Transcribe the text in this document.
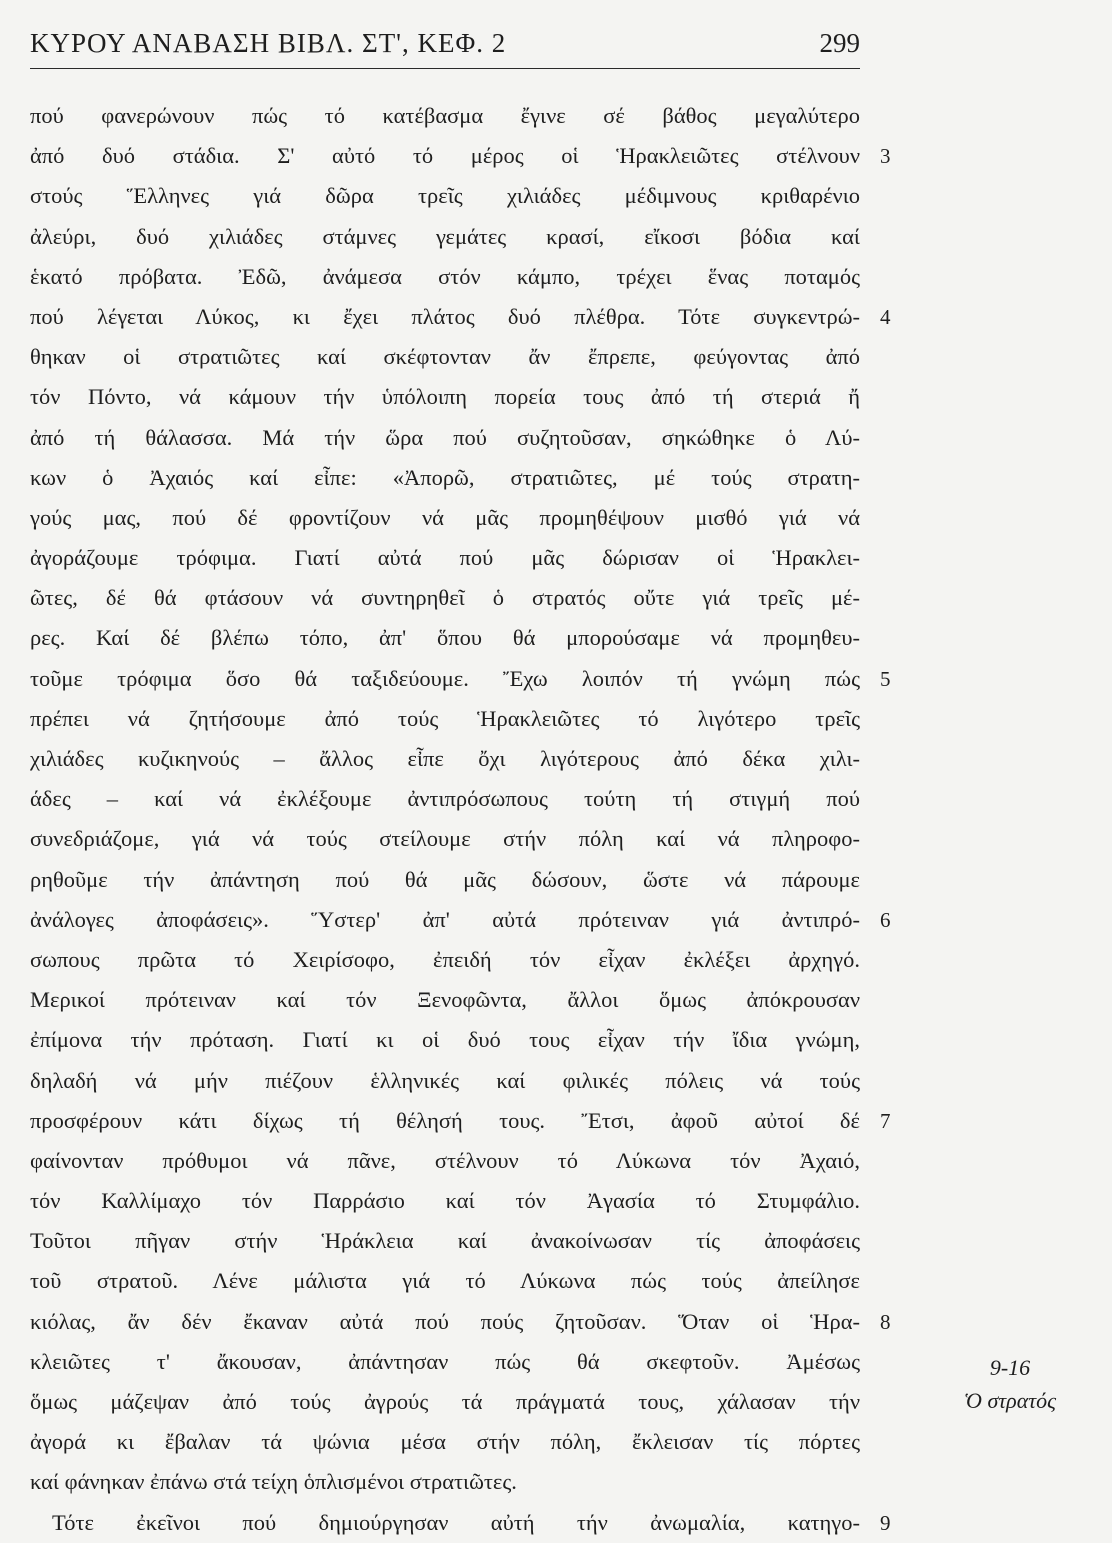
ΚΥΡΟΥ ΑΝΑΒΑΣΗ ΒΙΒΛ. ΣΤ', ΚΕΦ. 2	299
πού φανερώνουν πώς τό κατέβασμα ἔγινε σέ βάθος μεγαλύτερο
ἀπό δυό στάδια. Σ' αὐτό τό μέρος οἱ Ἡρακλειῶτες στέλνουν
στούς Ἕλληνες γιά δῶρα τρεῖς χιλιάδες μέδιμνους κριθαρένιο
ἀλεύρι, δυό χιλιάδες στάμνες γεμάτες κρασί, εἴκοσι βόδια καί
ἑκατό πρόβατα. Ἐδῶ, ἀνάμεσα στόν κάμπο, τρέχει ἕνας ποταμός
πού λέγεται Λύκος, κι ἔχει πλάτος δυό πλέθρα. Τότε συγκεντρώ-
θηκαν οἱ στρατιῶτες καί σκέφτονταν ἄν ἔπρεπε, φεύγοντας ἀπό
τόν Πόντο, νά κάμουν τήν ὑπόλοιπη πορεία τους ἀπό τή στεριά ἤ
ἀπό τή θάλασσα. Μά τήν ὥρα πού συζητοῦσαν, σηκώθηκε ὁ Λύ-
κων ὁ Ἀχαιός καί εἶπε: «Ἀπορῶ, στρατιῶτες, μέ τούς στρατη-
γούς μας, πού δέ φροντίζουν νά μᾶς προμηθέψουν μισθό γιά νά
ἀγοράζουμε τρόφιμα. Γιατί αὐτά πού μᾶς δώρισαν οἱ Ἡρακλει-
ῶτες, δέ θά φτάσουν νά συντηρηθεῖ ὁ στρατός οὔτε γιά τρεῖς μέ-
ρες. Καί δέ βλέπω τόπο, ἀπ' ὅπου θά μπορούσαμε νά προμηθευ-
τοῦμε τρόφιμα ὅσο θά ταξιδεύουμε. Ἔχω λοιπόν τή γνώμη πώς
πρέπει νά ζητήσουμε ἀπό τούς Ἡρακλειῶτες τό λιγότερο τρεῖς
χιλιάδες κυζικηνούς – ἄλλος εἶπε ὄχι λιγότερους ἀπό δέκα χιλι-
άδες – καί νά ἐκλέξουμε ἀντιπρόσωπους τούτη τή στιγμή πού
συνεδριάζομε, γιά νά τούς στείλουμε στήν πόλη καί νά πληροφο-
ρηθοῦμε τήν ἀπάντηση πού θά μᾶς δώσουν, ὥστε νά πάρουμε
ἀνάλογες ἀποφάσεις». Ὕστερ' ἀπ' αὐτά πρότειναν γιά ἀντιπρό-
σωπους πρῶτα τό Χειρίσοφο, ἐπειδή τόν εἶχαν ἐκλέξει ἀρχηγό.
Μερικοί πρότειναν καί τόν Ξενοφῶντα, ἄλλοι ὅμως ἀπόκρουσαν
ἐπίμονα τήν πρόταση. Γιατί κι οἱ δυό τους εἶχαν τήν ἴδια γνώμη,
δηλαδή νά μήν πιέζουν ἑλληνικές καί φιλικές πόλεις νά τούς
προσφέρουν κάτι δίχως τή θέλησή τους. Ἔτσι, ἀφοῦ αὐτοί δέ
φαίνονταν πρόθυμοι νά πᾶνε, στέλνουν τό Λύκωνα τόν Ἀχαιό,
τόν Καλλίμαχο τόν Παρράσιο καί τόν Ἀγασία τό Στυμφάλιο.
Τοῦτοι πῆγαν στήν Ἡράκλεια καί ἀνακοίνωσαν τίς ἀποφάσεις
τοῦ στρατοῦ. Λένε μάλιστα γιά τό Λύκωνα πώς τούς ἀπείλησε
κιόλας, ἄν δέν ἔκαναν αὐτά πού πούς ζητοῦσαν. Ὅταν οἱ Ἡρα-
κλειῶτες τ' ἄκουσαν, ἀπάντησαν πώς θά σκεφτοῦν. Ἀμέσως
ὅμως μάζεψαν ἀπό τούς ἀγρούς τά πράγματά τους, χάλασαν τήν
ἀγορά κι ἔβαλαν τά ψώνια μέσα στήν πόλη, ἔκλεισαν τίς πόρτες
καί φάνηκαν ἐπάνω στά τείχη ὁπλισμένοι στρατιῶτες.
Τότε ἐκεῖνοι πού δημιούργησαν αὐτή τήν ἀνωμαλία, κατηγο-
3
4
5
6
7
8
9
9-16
Ὁ στρατός
